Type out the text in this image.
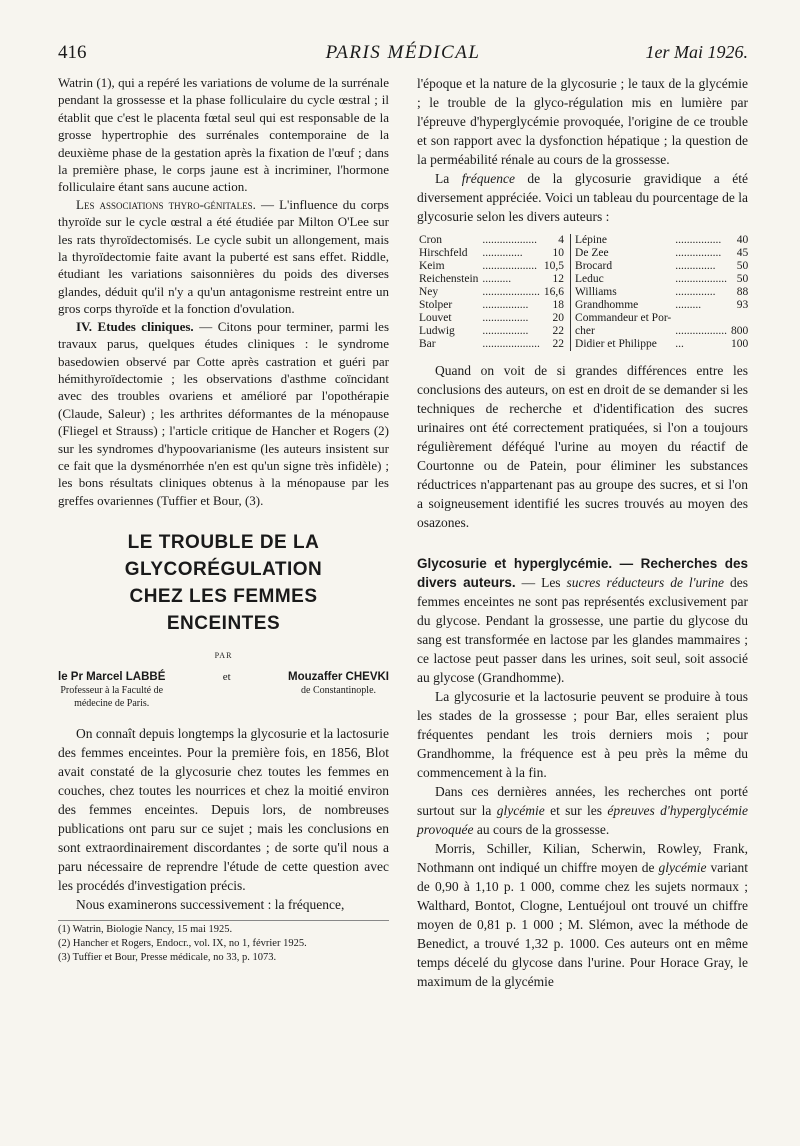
416	PARIS MÉDICAL	1er Mai 1926.

Watrin (1), qui a repéré les variations de volume de la surrénale pendant la grossesse et la phase folliculaire du cycle œstral ; il établit que c'est le placenta fœtal seul qui est responsable de la grosse hypertrophie des surrénales contemporaine de la deuxième phase de la gestation après la fixation de l'œuf ; dans la première phase, le corps jaune est à incriminer, l'hormone folliculaire étant sans aucune action.

Les associations thyro-génitales. — L'influence du corps thyroïde sur le cycle œstral a été étudiée par Milton O'Lee sur les rats thyroïdectomisés. Le cycle subit un allongement, mais la thyroïdectomie faite avant la puberté est sans effet. Riddle, étudiant les variations saisonnières du poids des diverses glandes, déduit qu'il n'y a qu'un antagonisme restreint entre un gros corps thyroïde et la fonction d'ovulation.

IV. Etudes cliniques. — Citons pour terminer, parmi les travaux parus, quelques études cliniques : le syndrome basedowien observé par Cotte après castration et guéri par hémithyroïdectomie ; les observations d'asthme coïncidant avec des troubles ovariens et amélioré par l'opothérapie (Claude, Saleur) ; les arthrites déformantes de la ménopause (Fliegel et Strauss) ; l'article critique de Hancher et Rogers (2) sur les syndromes d'hypoovarianisme (les auteurs insistent sur ce fait que la dysménorrhée n'en est qu'un signe très infidèle) ; les bons résultats cliniques obtenus à la ménopause par les greffes ovariennes (Tuffier et Bour, (3).

LE TROUBLE DE LA
GLYCORÉGULATION
CHEZ LES FEMMES
ENCEINTES
PAR
le Pr Marcel LABBÉ
Professeur à la Faculté de
médecine de Paris.
et	Mouzaffer CHEVKI
de Constantinople.

On connaît depuis longtemps la glycosurie et la lactosurie des femmes enceintes. Pour la première fois, en 1856, Blot avait constaté de la glycosurie chez toutes les femmes en couches, chez toutes les nourrices et chez la moitié environ des femmes enceintes. Depuis lors, de nombreuses publications ont paru sur ce sujet ; mais les conclusions en sont extraordinairement discordantes ; de sorte qu'il nous a paru nécessaire de reprendre l'étude de cette question avec les procédés d'investigation précis.

Nous examinerons successivement : la fréquence,

(1) Watrin, Biologie Nancy, 15 mai 1925.
(2) Hancher et Rogers, Endocr., vol. IX, no 1, février 1925.
(3) Tuffier et Bour, Presse médicale, no 33, p. 1073.

l'époque et la nature de la glycosurie ; le taux de la glycémie ; le trouble de la glyco-régulation mis en lumière par l'épreuve d'hyperglycémie provoquée, l'origine de ce trouble et son rapport avec la dysfonction hépatique ; la question de la perméabilité rénale au cours de la grossesse.

La fréquence de la glycosurie gravidique a été diversement appréciée. Voici un tableau du pourcentage de la glycosurie selon les divers auteurs :

Cron	...................	4	Lépine	................	40
Hirschfeld	..............	10	De Zee	................	45
Keim	...................	10,5	Brocard	..............	50
Reichenstein	..........	12	Leduc	..................	50
Ney	....................	16,6	Williams	..............	88
Stolper	................	18	Grandhomme	.........	93
Louvet	................	20	Commandeur et Por-		
Ludwig	................	22	cher	..................	800
Bar	....................	22	Didier et Philippe	...	100

Quand on voit de si grandes différences entre les conclusions des auteurs, on est en droit de se demander si les techniques de recherche et d'identification des sucres urinaires ont été correctement pratiquées, si l'on a toujours régulièrement déféqué l'urine au moyen du réactif de Courtonne ou de Patein, pour éliminer les substances réductrices n'appartenant pas au groupe des sucres, et si l'on a soigneusement identifié les sucres trouvés au moyen des osazones.

Glycosurie et hyperglycémie. — Recherches des divers auteurs. — Les sucres réducteurs de l'urine des femmes enceintes ne sont pas représentés exclusivement par du glycose. Pendant la grossesse, une partie du glycose du sang est transformée en lactose par les glandes mammaires ; ce lactose peut passer dans les urines, soit seul, soit associé au glycose (Grandhomme).

La glycosurie et la lactosurie peuvent se produire à tous les stades de la grossesse ; pour Bar, elles seraient plus fréquentes pendant les trois derniers mois ; pour Grandhomme, la fréquence est à peu près la même du commencement à la fin.

Dans ces dernières années, les recherches ont porté surtout sur la glycémie et sur les épreuves d'hyperglycémie provoquée au cours de la grossesse.

Morris, Schiller, Kilian, Scherwin, Rowley, Frank, Nothmann ont indiqué un chiffre moyen de glycémie variant de 0,90 à 1,10 p. 1 000, comme chez les sujets normaux ; Walthard, Bontot, Clogne, Lentuéjoul ont trouvé un chiffre moyen de 0,81 p. 1 000 ; M. Slémon, avec la méthode de Benedict, a trouvé 1,32 p. 1000. Ces auteurs ont en même temps décelé du glycose dans l'urine. Pour Horace Gray, le maximum de la glycémie
